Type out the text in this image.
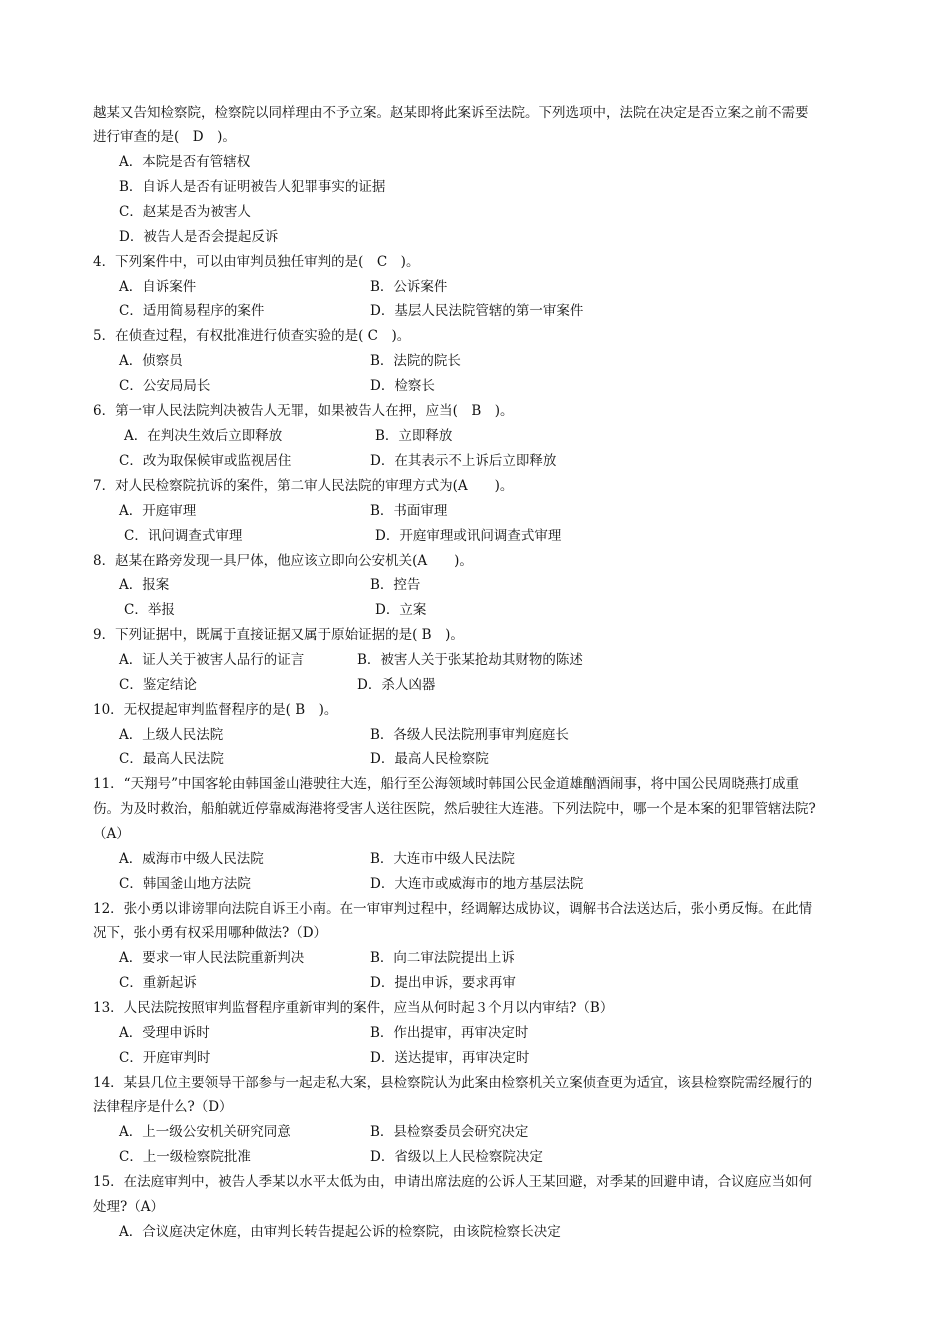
越某又告知检察院，检察院以同样理由不予立案。赵某即将此案诉至法院。下列选项中，法院在决定是否立案之前不需要
进行审查的是(　D　)。
A．本院是否有管辖权
B．自诉人是否有证明被告人犯罪事实的证据
C．赵某是否为被害人
D．被告人是否会提起反诉
4．下列案件中，可以由审判员独任审判的是(　C　)。
A．自诉案件	B．公诉案件
C．适用简易程序的案件	D．基层人民法院管辖的第一审案件
5．在侦查过程，有权批准进行侦查实验的是( C　)。
A．侦察员	B．法院的院长
C．公安局局长	D．检察长
6．第一审人民法院判决被告人无罪，如果被告人在押，应当(　B　)。
A．在判决生效后立即释放	B．立即释放
C．改为取保候审或监视居住	D．在其表示不上诉后立即释放
7．对人民检察院抗诉的案件，第二审人民法院的审理方式为(A　　)。
A．开庭审理	B．书面审理
C．讯问调查式审理	D．开庭审理或讯问调查式审理
8．赵某在路旁发现一具尸体，他应该立即向公安机关(A　　)。
A．报案	B．控告
C．举报	D．立案
9．下列证据中，既属于直接证据又属于原始证据的是( B　)。
A．证人关于被害人品行的证言	B．被害人关于张某抢劫其财物的陈述
C．鉴定结论	D．杀人凶器
10．无权提起审判监督程序的是( B　)。
A．上级人民法院	B．各级人民法院刑事审判庭庭长
C．最高人民法院	D．最高人民检察院
11．“天翔号”中国客轮由韩国釜山港驶往大连，船行至公海领域时韩国公民金道雄酗酒闹事，将中国公民周晓燕打成重
伤。为及时救治，船舶就近停靠威海港将受害人送往医院，然后驶往大连港。下列法院中，哪一个是本案的犯罪管辖法院?
（A）
A．威海市中级人民法院	B．大连市中级人民法院
C．韩国釜山地方法院	D．大连市或威海市的地方基层法院
12．张小勇以诽谤罪向法院自诉王小南。在一审审判过程中，经调解达成协议，调解书合法送达后，张小勇反悔。在此情
况下，张小勇有权采用哪种做法?（D）
A．要求一审人民法院重新判决	B．向二审法院提出上诉
C．重新起诉	D．提出申诉，要求再审
13．人民法院按照审判监督程序重新审判的案件，应当从何时起３个月以内审结?（B）
A．受理申诉时	B．作出提审，再审决定时
C．开庭审判时	D．送达提审，再审决定时
14．某县几位主要领导干部参与一起走私大案，县检察院认为此案由检察机关立案侦查更为适宜，该县检察院需经履行的
法律程序是什么?（D）
A．上一级公安机关研究同意	B．县检察委员会研究决定
C．上一级检察院批准	D．省级以上人民检察院决定
15．在法庭审判中，被告人季某以水平太低为由，申请出席法庭的公诉人王某回避，对季某的回避申请，合议庭应当如何
处理?（A）
A．合议庭决定休庭，由审判长转告提起公诉的检察院，由该院检察长决定
